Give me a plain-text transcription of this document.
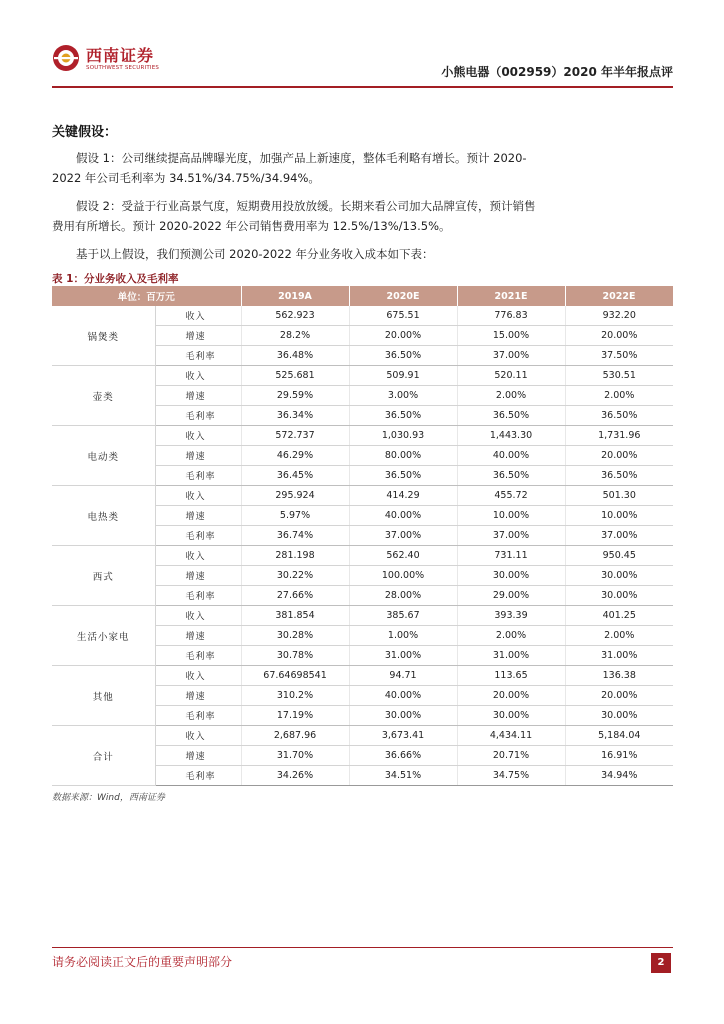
西南证券
SOUTHWEST SECURITIES	小熊电器（002959）2020 年半年报点评
关键假设：
假设 1：公司继续提高品牌曝光度，加强产品上新速度，整体毛利略有增长。预计 2020-2022 年公司毛利率为 34.51%/34.75%/34.94%。
假设 2：受益于行业高景气度，短期费用投放放缓。长期来看公司加大品牌宣传，预计销售费用有所增长。预计 2020-2022 年公司销售费用率为 12.5%/13%/13.5%。
基于以上假设，我们预测公司 2020-2022 年分业务收入成本如下表：
表 1：分业务收入及毛利率
单位：百万元		2019A	2020E	2021E	2022E
锅煲类	收入	562.923	675.51	776.83	932.20
	增速	28.2%	20.00%	15.00%	20.00%
	毛利率	36.48%	36.50%	37.00%	37.50%
壶类	收入	525.681	509.91	520.11	530.51
	增速	29.59%	3.00%	2.00%	2.00%
	毛利率	36.34%	36.50%	36.50%	36.50%
电动类	收入	572.737	1,030.93	1,443.30	1,731.96
	增速	46.29%	80.00%	40.00%	20.00%
	毛利率	36.45%	36.50%	36.50%	36.50%
电热类	收入	295.924	414.29	455.72	501.30
	增速	5.97%	40.00%	10.00%	10.00%
	毛利率	36.74%	37.00%	37.00%	37.00%
西式	收入	281.198	562.40	731.11	950.45
	增速	30.22%	100.00%	30.00%	30.00%
	毛利率	27.66%	28.00%	29.00%	30.00%
生活小家电	收入	381.854	385.67	393.39	401.25
	增速	30.28%	1.00%	2.00%	2.00%
	毛利率	30.78%	31.00%	31.00%	31.00%
其他	收入	67.64698541	94.71	113.65	136.38
	增速	310.2%	40.00%	20.00%	20.00%
	毛利率	17.19%	30.00%	30.00%	30.00%
合计	收入	2,687.96	3,673.41	4,434.11	5,184.04
	增速	31.70%	36.66%	20.71%	16.91%
	毛利率	34.26%	34.51%	34.75%	34.94%
数据来源：Wind，西南证券
请务必阅读正文后的重要声明部分	2
